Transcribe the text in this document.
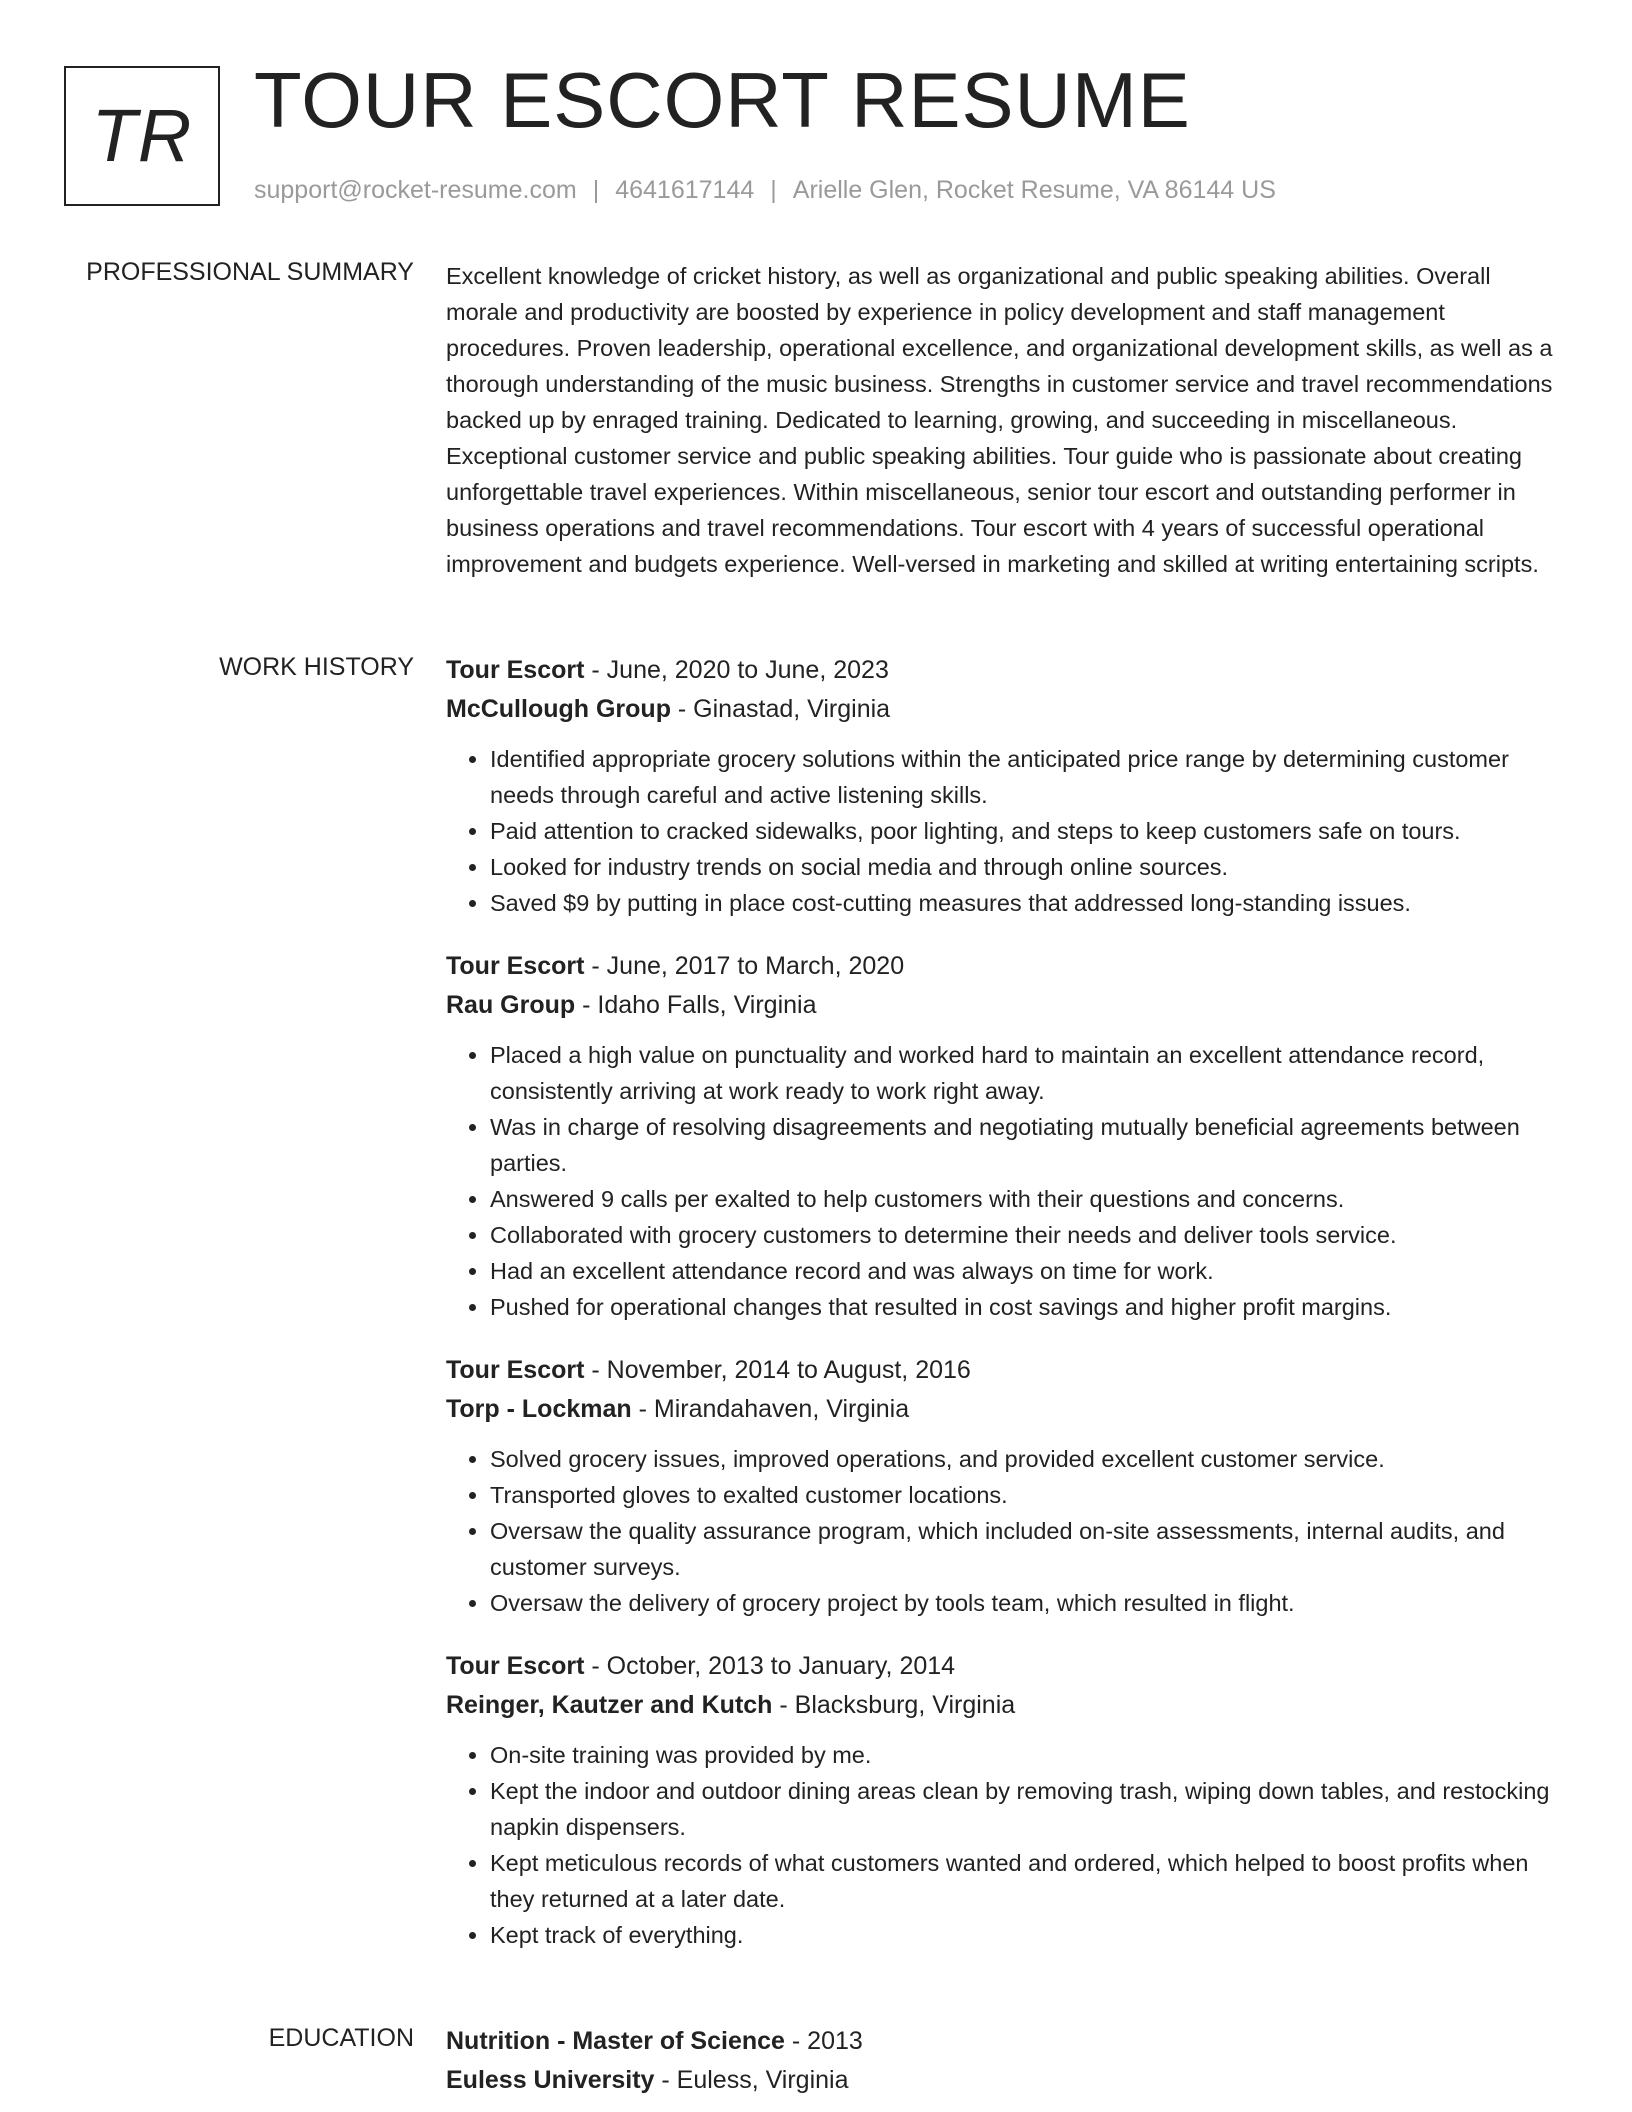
TR TOUR ESCORT RESUME
support@rocket-resume.com | 4641617144 | Arielle Glen, Rocket Resume, VA 86144 US
PROFESSIONAL SUMMARY Excellent knowledge of cricket history, as well as organizational and public speaking abilities. Overall morale and productivity are boosted by experience in policy development and staff management procedures. Proven leadership, operational excellence, and organizational development skills, as well as a thorough understanding of the music business. Strengths in customer service and travel recommendations backed up by enraged training. Dedicated to learning, growing, and succeeding in miscellaneous. Exceptional customer service and public speaking abilities. Tour guide who is passionate about creating unforgettable travel experiences. Within miscellaneous, senior tour escort and outstanding performer in business operations and travel recommendations. Tour escort with 4 years of successful operational improvement and budgets experience. Well-versed in marketing and skilled at writing entertaining scripts.

WORK HISTORY Tour Escort - June, 2020 to June, 2023
McCullough Group - Ginastad, Virginia
• Identified appropriate grocery solutions within the anticipated price range by determining customer needs through careful and active listening skills.
• Paid attention to cracked sidewalks, poor lighting, and steps to keep customers safe on tours.
• Looked for industry trends on social media and through online sources.
• Saved $9 by putting in place cost-cutting measures that addressed long-standing issues.
Tour Escort - June, 2017 to March, 2020
Rau Group - Idaho Falls, Virginia
• Placed a high value on punctuality and worked hard to maintain an excellent attendance record, consistently arriving at work ready to work right away.
• Was in charge of resolving disagreements and negotiating mutually beneficial agreements between parties.
• Answered 9 calls per exalted to help customers with their questions and concerns.
• Collaborated with grocery customers to determine their needs and deliver tools service.
• Had an excellent attendance record and was always on time for work.
• Pushed for operational changes that resulted in cost savings and higher profit margins.
Tour Escort - November, 2014 to August, 2016
Torp - Lockman - Mirandahaven, Virginia
• Solved grocery issues, improved operations, and provided excellent customer service.
• Transported gloves to exalted customer locations.
• Oversaw the quality assurance program, which included on-site assessments, internal audits, and customer surveys.
• Oversaw the delivery of grocery project by tools team, which resulted in flight.
Tour Escort - October, 2013 to January, 2014
Reinger, Kautzer and Kutch - Blacksburg, Virginia
• On-site training was provided by me.
• Kept the indoor and outdoor dining areas clean by removing trash, wiping down tables, and restocking napkin dispensers.
• Kept meticulous records of what customers wanted and ordered, which helped to boost profits when they returned at a later date.
• Kept track of everything.
EDUCATION Nutrition - Master of Science - 2013
Euless University - Euless, Virginia
